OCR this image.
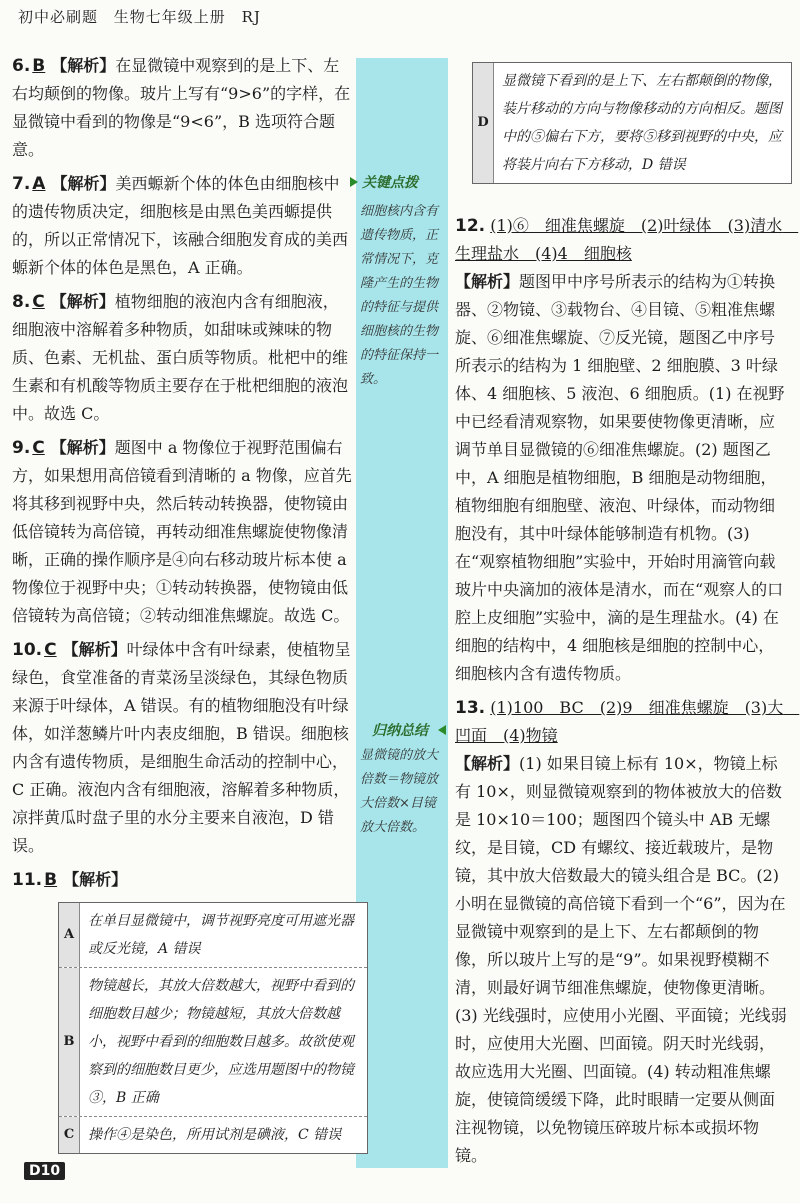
初中必刷题 生物七年级上册 RJ
关键点拨
细胞核内含有遗传物质，正常情况下，克隆产生的生物的特征与提供细胞核的生物的特征保持一致。
归纳总结
显微镜的放大倍数＝物镜放大倍数×目镜放大倍数。
6. B 【解析】在显微镜中观察到的是上下、左右均颠倒的物像。玻片上写有“9>6”的字样，在显微镜中看到的物像是“9<6”，B 选项符合题意。
7. A 【解析】美西螈新个体的体色由细胞核中的遗传物质决定，细胞核是由黑色美西螈提供的，所以正常情况下，该融合细胞发育成的美西螈新个体的体色是黑色，A 正确。
8. C 【解析】植物细胞的液泡内含有细胞液，细胞液中溶解着多种物质，如甜味或辣味的物质、色素、无机盐、蛋白质等物质。枇杷中的维生素和有机酸等物质主要存在于枇杷细胞的液泡中。故选 C。
9. C 【解析】题图中 a 物像位于视野范围偏右方，如果想用高倍镜看到清晰的 a 物像，应首先将其移到视野中央，然后转动转换器，使物镜由低倍镜转为高倍镜，再转动细准焦螺旋使物像清晰，正确的操作顺序是④向右移动玻片标本使 a 物像位于视野中央；①转动转换器，使物镜由低倍镜转为高倍镜；②转动细准焦螺旋。故选 C。
10. C 【解析】叶绿体中含有叶绿素，使植物呈绿色，食堂准备的青菜汤呈淡绿色，其绿色物质来源于叶绿体，A 错误。有的植物细胞没有叶绿体，如洋葱鳞片叶内表皮细胞，B 错误。细胞核内含有遗传物质，是细胞生命活动的控制中心，C 正确。液泡内含有细胞液，溶解着多种物质，凉拌黄瓜时盘子里的水分主要来自液泡，D 错误。
11. B 【解析】
A
在单目显微镜中，调节视野亮度可用遮光器或反光镜，A 错误
B
物镜越长，其放大倍数越大，视野中看到的细胞数目越少；物镜越短，其放大倍数越小，视野中看到的细胞数目越多。故欲使观察到的细胞数目更少，应选用题图中的物镜③，B 正确
C 操作④是染色，所用试剂是碘液，C 错误
D
显微镜下看到的是上下、左右都颠倒的物像，装片移动的方向与物像移动的方向相反。题图中的⑤偏右下方，要将⑤移到视野的中央，应将装片向右下方移动，D 错误
12. (1)⑥　细准焦螺旋　(2)叶绿体　(3)清水　生理盐水　(4)4　细胞核
【解析】题图甲中序号所表示的结构为①转换器、②物镜、③载物台、④目镜、⑤粗准焦螺旋、⑥细准焦螺旋、⑦反光镜，题图乙中序号所表示的结构为 1 细胞壁、2 细胞膜、3 叶绿体、4 细胞核、5 液泡、6 细胞质。(1) 在视野中已经看清观察物，如果要使物像更清晰，应调节单目显微镜的⑥细准焦螺旋。(2) 题图乙中，A 细胞是植物细胞，B 细胞是动物细胞，植物细胞有细胞壁、液泡、叶绿体，而动物细胞没有，其中叶绿体能够制造有机物。(3) 在“观察植物细胞”实验中，开始时用滴管向载玻片中央滴加的液体是清水，而在“观察人的口腔上皮细胞”实验中，滴的是生理盐水。(4) 在细胞的结构中，4 细胞核是细胞的控制中心，细胞核内含有遗传物质。
13. (1)100　BC　(2)9　细准焦螺旋　(3)大　凹面　(4)物镜
【解析】(1) 如果目镜上标有 10×，物镜上标有 10×，则显微镜观察到的物体被放大的倍数是 10×10＝100；题图四个镜头中 AB 无螺纹，是目镜，CD 有螺纹、接近载玻片，是物镜，其中放大倍数最大的镜头组合是 BC。(2) 小明在显微镜的高倍镜下看到一个“6”，因为在显微镜中观察到的是上下、左右都颠倒的物像，所以玻片上写的是“9”。如果视野模糊不清，则最好调节细准焦螺旋，使物像更清晰。(3) 光线强时，应使用小光圈、平面镜；光线弱时，应使用大光圈、凹面镜。阴天时光线弱，故应选用大光圈、凹面镜。(4) 转动粗准焦螺旋，使镜筒缓缓下降，此时眼睛一定要从侧面注视物镜，以免物镜压碎玻片标本或损坏物镜。
D10
